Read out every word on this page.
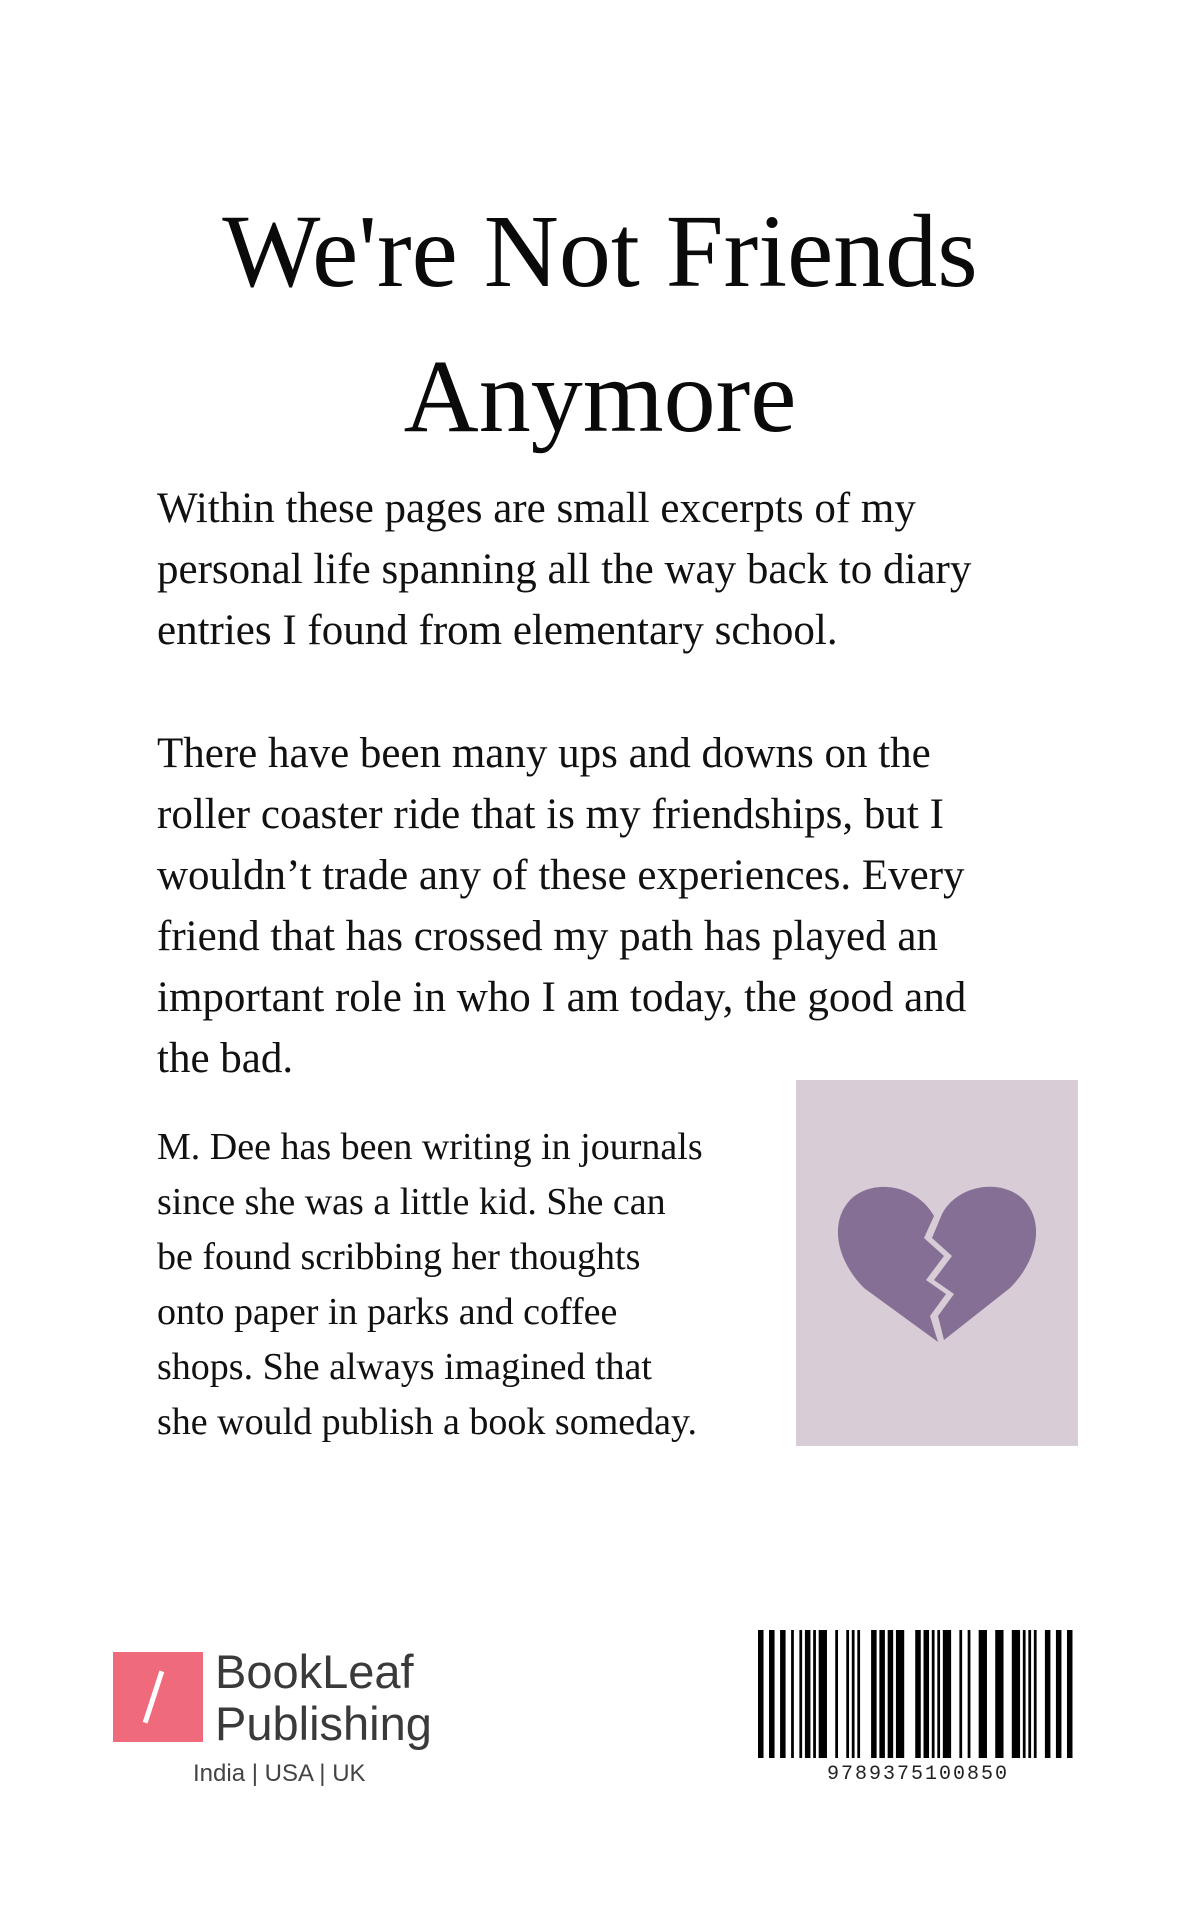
We're Not Friends
Anymore

Within these pages are small excerpts of my
personal life spanning all the way back to diary
entries I found from elementary school.

There have been many ups and downs on the
roller coaster ride that is my friendships, but I
wouldn’t trade any of these experiences. Every
friend that has crossed my path has played an
important role in who I am today, the good and
the bad.

M. Dee has been writing in journals
since she was a little kid. She can
be found scribbing her thoughts
onto paper in parks and coffee
shops. She always imagined that
she would publish a book someday.
BookLeaf
Publishing
India | USA | UK	9789375100850
